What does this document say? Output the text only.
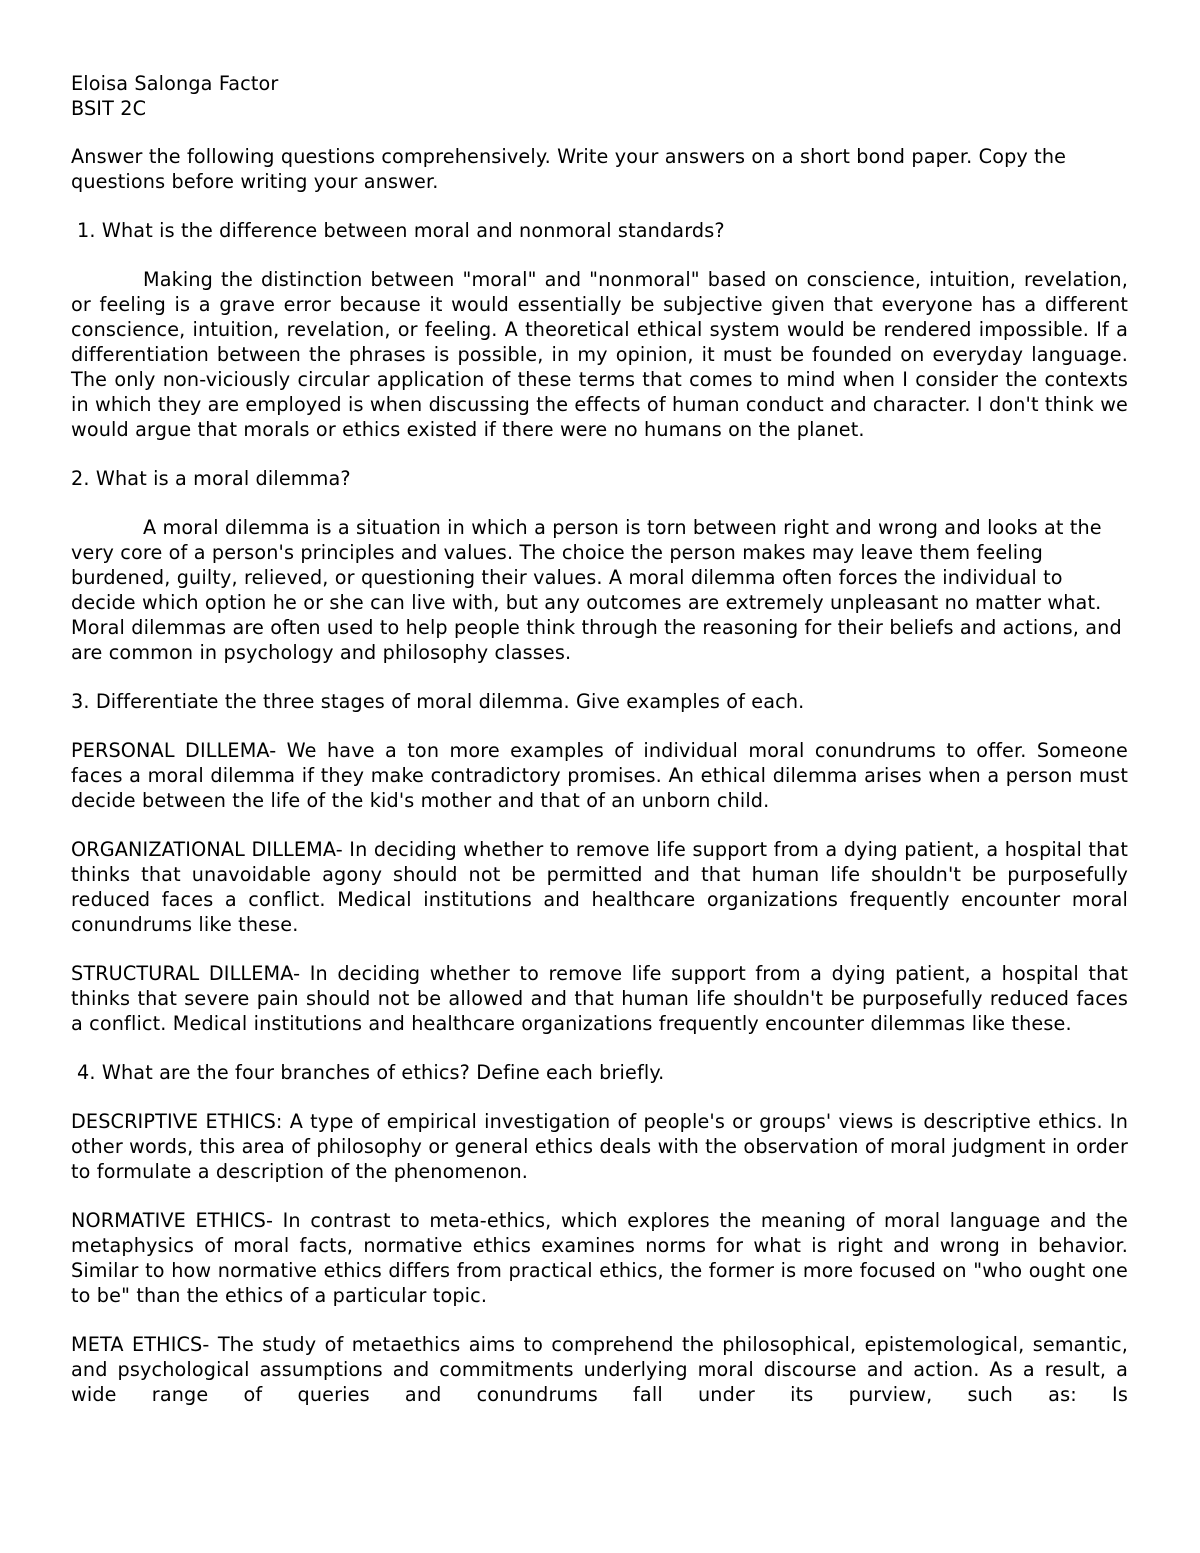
Eloisa Salonga Factor

BSIT 2C

Answer the following questions comprehensively. Write your answers on a short bond paper. Copy the questions before writing your answer.

1. What is the difference between moral and nonmoral standards?

Making the distinction between "moral" and "nonmoral" based on conscience, intuition, revelation, or feeling is a grave error because it would essentially be subjective given that everyone has a different conscience, intuition, revelation, or feeling. A theoretical ethical system would be rendered impossible. If a differentiation between the phrases is possible, in my opinion, it must be founded on everyday language. The only non-viciously circular application of these terms that comes to mind when I consider the contexts in which they are employed is when discussing the effects of human conduct and character. I don't think we would argue that morals or ethics existed if there were no humans on the planet.

2. What is a moral dilemma?

A moral dilemma is a situation in which a person is torn between right and wrong and looks at the very core of a person's principles and values. The choice the person makes may leave them feeling burdened, guilty, relieved, or questioning their values. A moral dilemma often forces the individual to decide which option he or she can live with, but any outcomes are extremely unpleasant no matter what. Moral dilemmas are often used to help people think through the reasoning for their beliefs and actions, and are common in psychology and philosophy classes.

3. Differentiate the three stages of moral dilemma. Give examples of each.

PERSONAL DILLEMA- We have a ton more examples of individual moral conundrums to offer. Someone faces a moral dilemma if they make contradictory promises. An ethical dilemma arises when a person must decide between the life of the kid's mother and that of an unborn child.

ORGANIZATIONAL DILLEMA- In deciding whether to remove life support from a dying patient, a hospital that thinks that unavoidable agony should not be permitted and that human life shouldn't be purposefully reduced faces a conflict. Medical institutions and healthcare organizations frequently encounter moral conundrums like these.

STRUCTURAL DILLEMA- In deciding whether to remove life support from a dying patient, a hospital that thinks that severe pain should not be allowed and that human life shouldn't be purposefully reduced faces a conflict. Medical institutions and healthcare organizations frequently encounter dilemmas like these.

4. What are the four branches of ethics? Define each briefly.

DESCRIPTIVE ETHICS: A type of empirical investigation of people's or groups' views is descriptive ethics. In other words, this area of philosophy or general ethics deals with the observation of moral judgment in order to formulate a description of the phenomenon.

NORMATIVE ETHICS- In contrast to meta-ethics, which explores the meaning of moral language and the metaphysics of moral facts, normative ethics examines norms for what is right and wrong in behavior. Similar to how normative ethics differs from practical ethics, the former is more focused on "who ought one to be" than the ethics of a particular topic.

META ETHICS- The study of metaethics aims to comprehend the philosophical, epistemological, semantic, and psychological assumptions and commitments underlying moral discourse and action. As a result, a wide range of queries and conundrums fall under its purview, such as: Is
